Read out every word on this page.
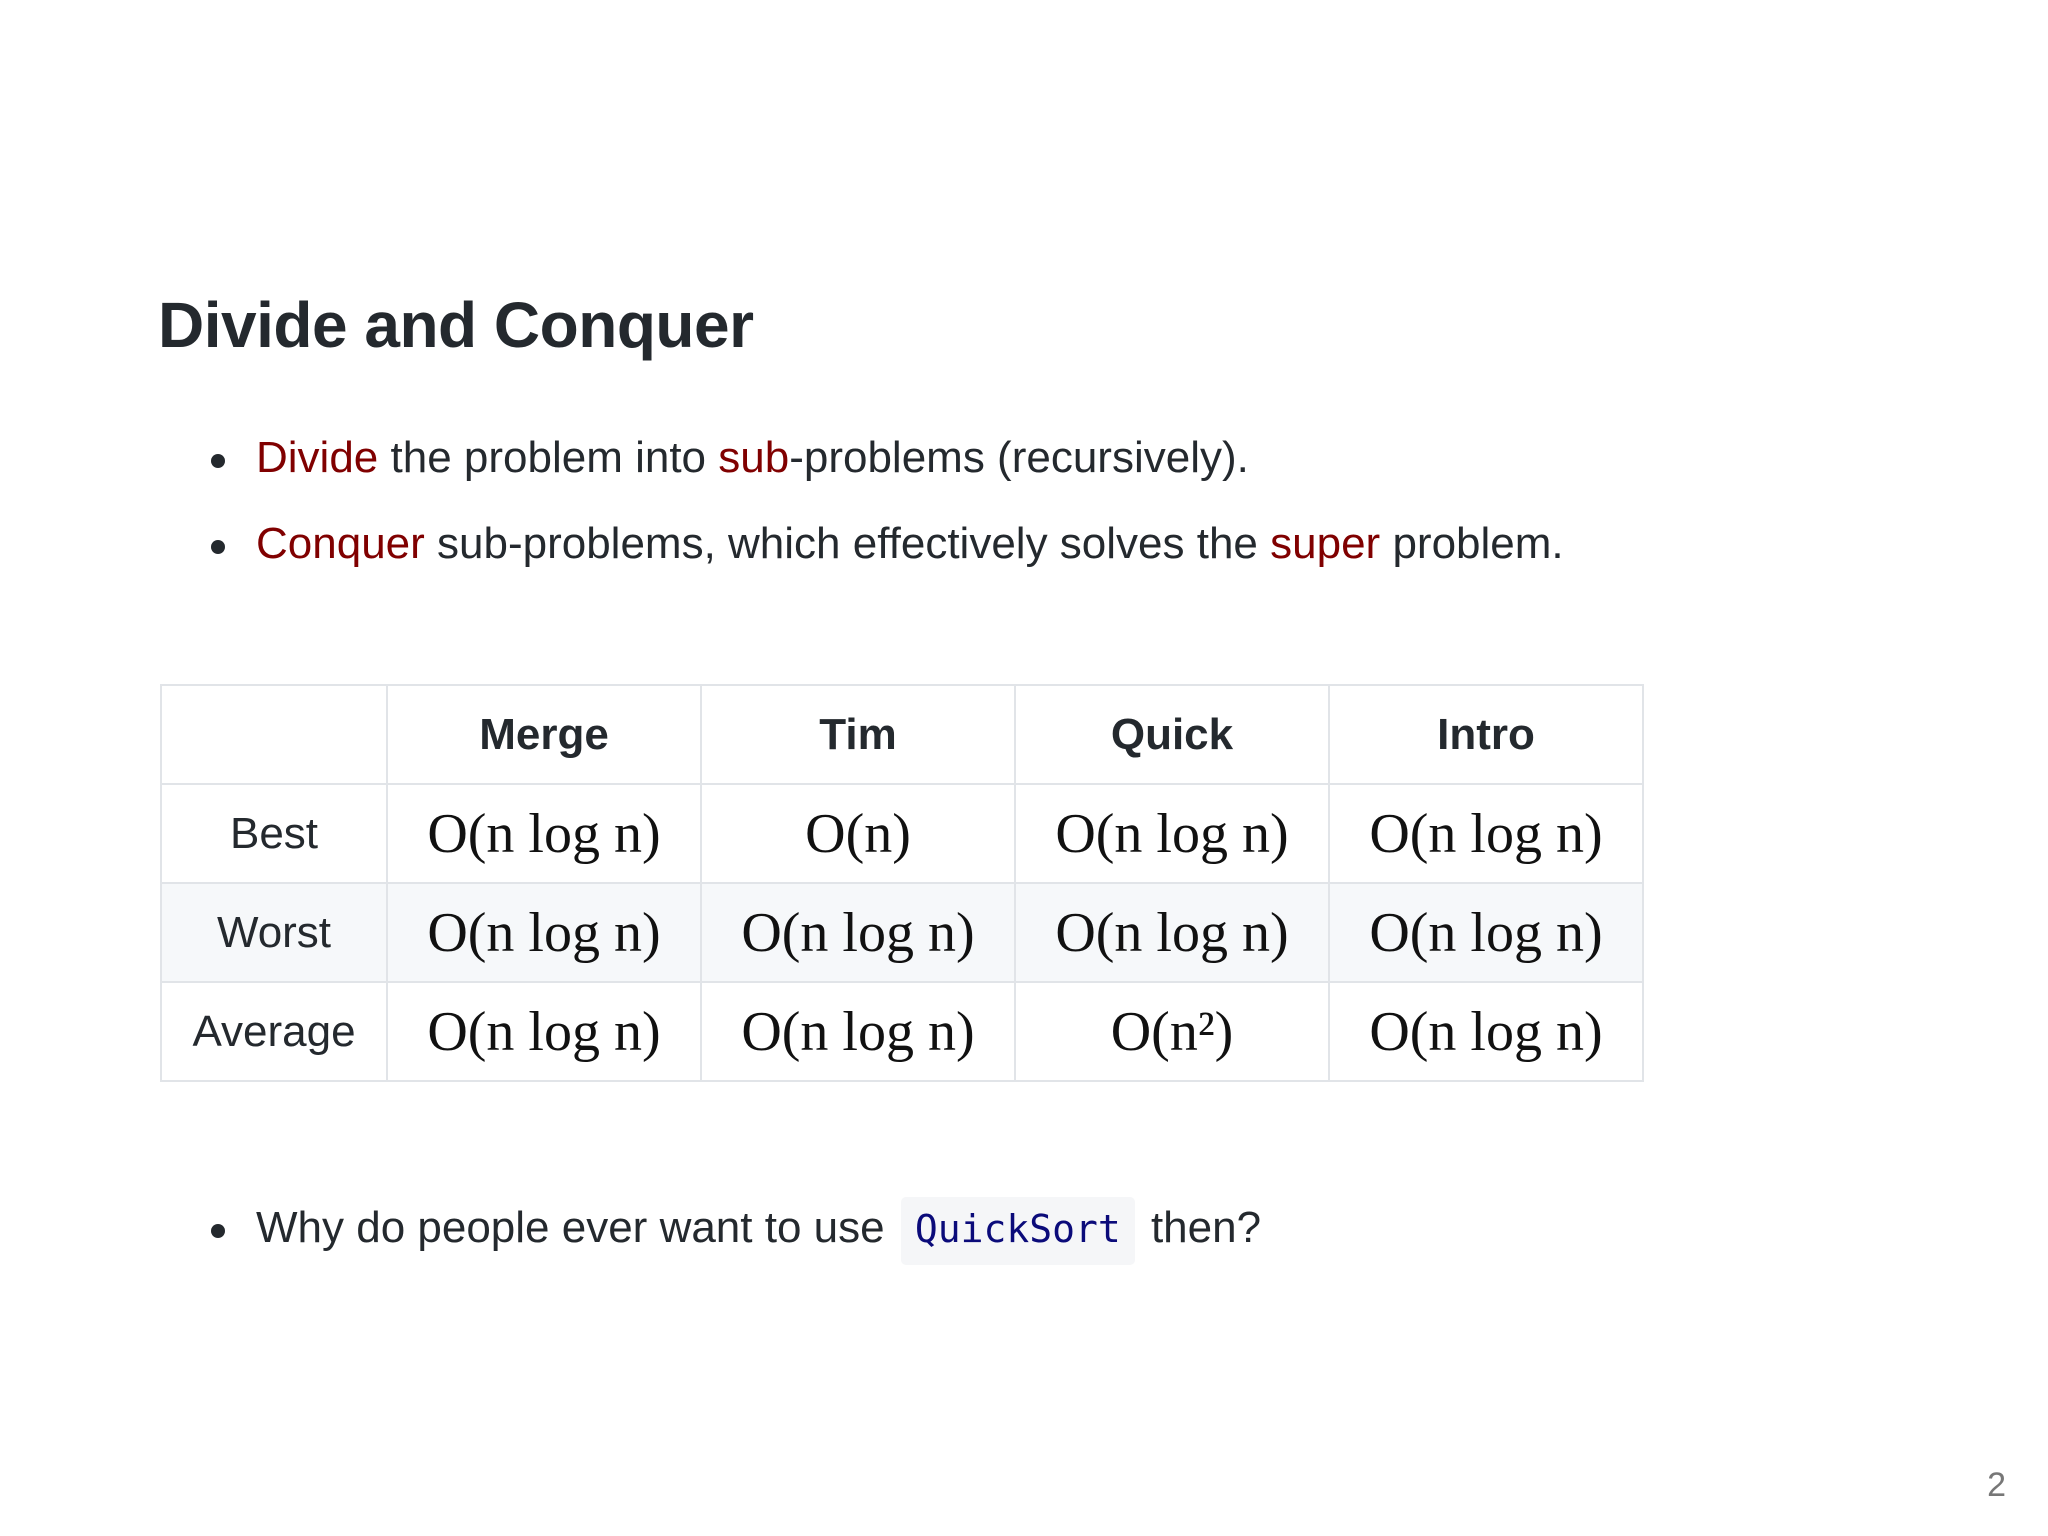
Divide and Conquer
Divide the problem into sub-problems (recursively).
Conquer sub-problems, which effectively solves the super problem.
	Merge	Tim	Quick	Intro
Best	O(n log n)	O(n)	O(n log n)	O(n log n)
Worst	O(n log n)	O(n log n)	O(n log n)	O(n log n)
Average	O(n log n)	O(n log n)	O(n²)	O(n log n)
Why do people ever want to use QuickSort then?
2
